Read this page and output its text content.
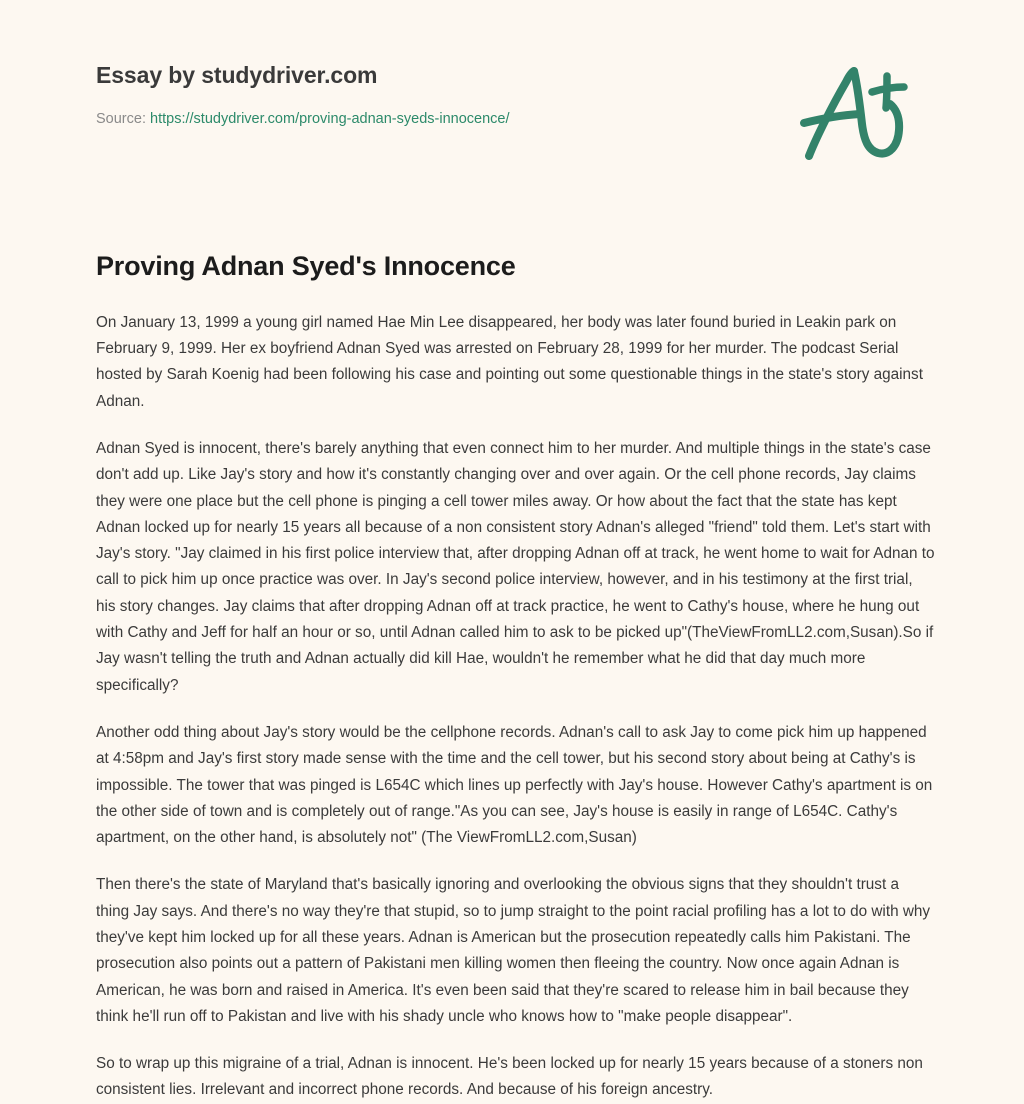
Essay by studydriver.com
Source: https://studydriver.com/proving-adnan-syeds-innocence/
Proving Adnan Syed's Innocence

On January 13, 1999 a young girl named Hae Min Lee disappeared, her body was later found buried in Leakin park on February 9, 1999. Her ex boyfriend Adnan Syed was arrested on February 28, 1999 for her murder. The podcast Serial hosted by Sarah Koenig had been following his case and pointing out some questionable things in the state's story against Adnan.

Adnan Syed is innocent, there's barely anything that even connect him to her murder. And multiple things in the state's case don't add up. Like Jay's story and how it's constantly changing over and over again. Or the cell phone records, Jay claims they were one place but the cell phone is pinging a cell tower miles away. Or how about the fact that the state has kept Adnan locked up for nearly 15 years all because of a non consistent story Adnan's alleged "friend" told them. Let's start with Jay's story. "Jay claimed in his first police interview that, after dropping Adnan off at track, he went home to wait for Adnan to call to pick him up once practice was over. In Jay's second police interview, however, and in his testimony at the first trial, his story changes. Jay claims that after dropping Adnan off at track practice, he went to Cathy's house, where he hung out with Cathy and Jeff for half an hour or so, until Adnan called him to ask to be picked up"(TheViewFromLL2.com,Susan).So if Jay wasn't telling the truth and Adnan actually did kill Hae, wouldn't he remember what he did that day much more specifically?

Another odd thing about Jay's story would be the cellphone records. Adnan's call to ask Jay to come pick him up happened at 4:58pm and Jay's first story made sense with the time and the cell tower, but his second story about being at Cathy's is impossible. The tower that was pinged is L654C which lines up perfectly with Jay's house. However Cathy's apartment is on the other side of town and is completely out of range."As you can see, Jay's house is easily in range of L654C. Cathy's apartment, on the other hand, is absolutely not" (The ViewFromLL2.com,Susan)

Then there's the state of Maryland that's basically ignoring and overlooking the obvious signs that they shouldn't trust a thing Jay says. And there's no way they're that stupid, so to jump straight to the point racial profiling has a lot to do with why they've kept him locked up for all these years. Adnan is American but the prosecution repeatedly calls him Pakistani. The prosecution also points out a pattern of Pakistani men killing women then fleeing the country. Now once again Adnan is American, he was born and raised in America. It's even been said that they're scared to release him in bail because they think he'll run off to Pakistan and live with his shady uncle who knows how to "make people disappear".

So to wrap up this migraine of a trial, Adnan is innocent. He's been locked up for nearly 15 years because of a stoners non consistent lies. Irrelevant and incorrect phone records. And because of his foreign ancestry.
